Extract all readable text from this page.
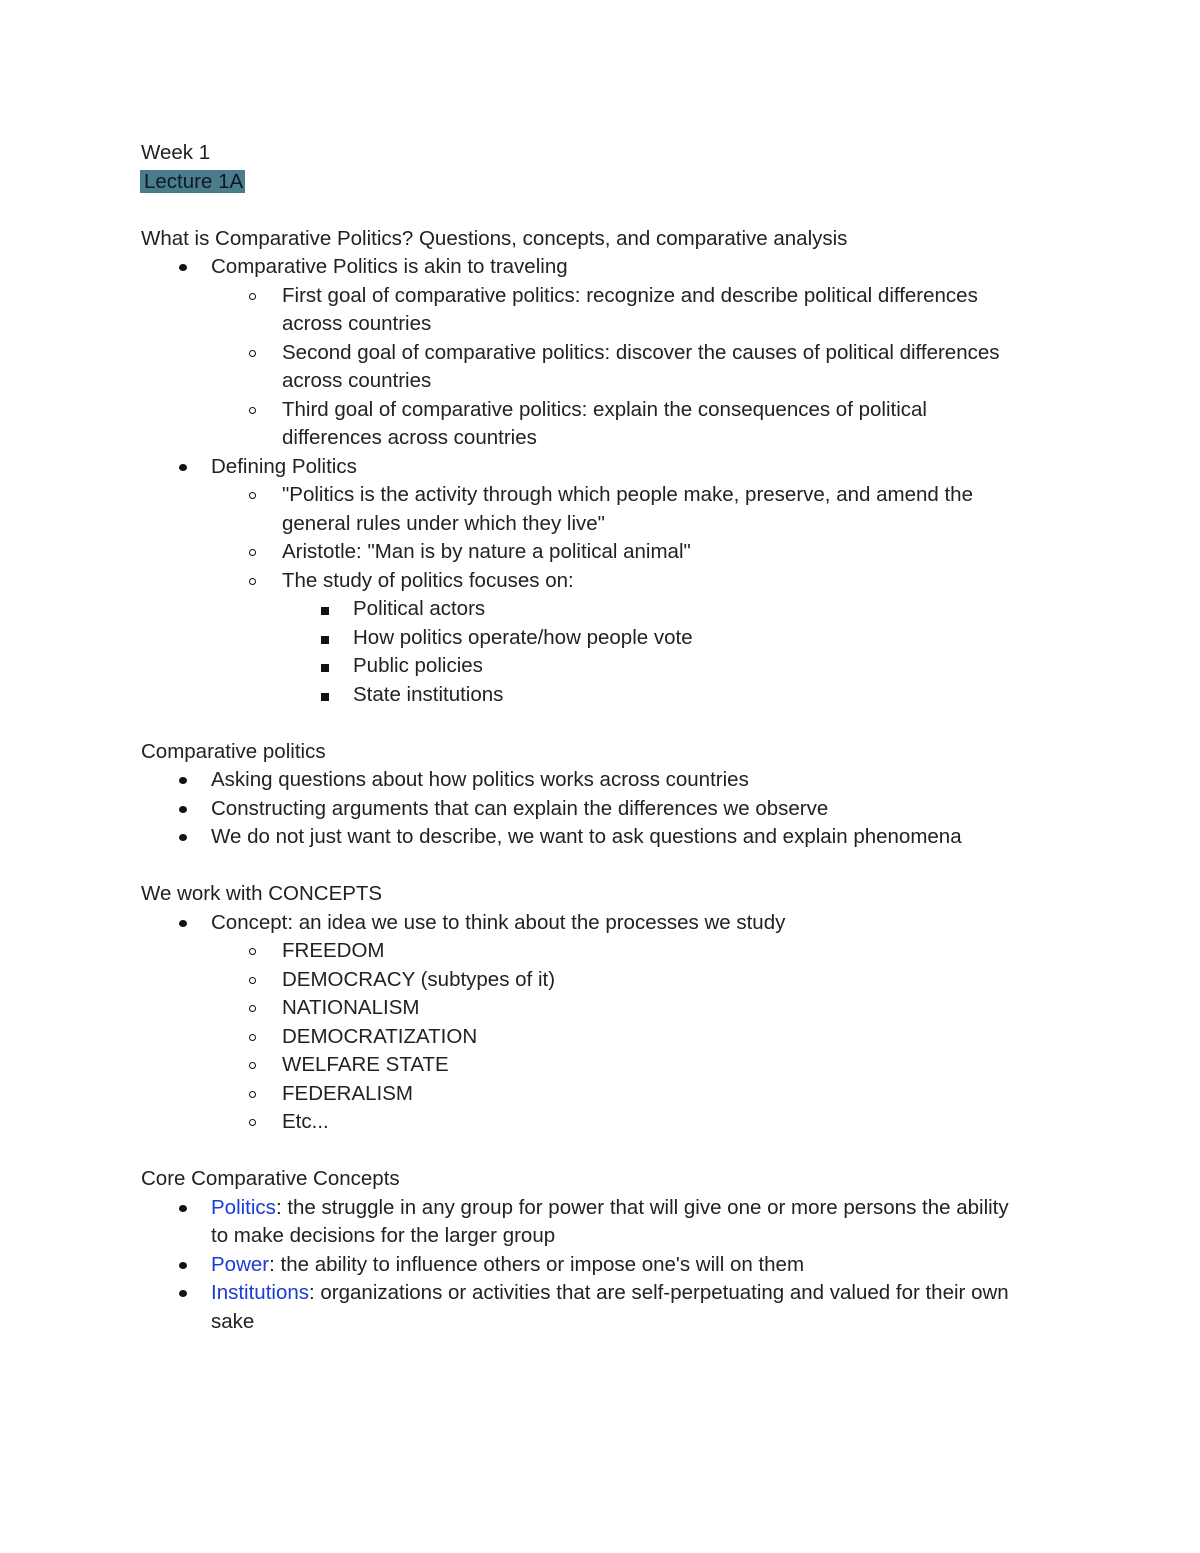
Week 1
Lecture 1A
What is Comparative Politics? Questions, concepts, and comparative analysis
Comparative Politics is akin to traveling
First goal of comparative politics: recognize and describe political differences
across countries
Second goal of comparative politics: discover the causes of political differences
across countries
Third goal of comparative politics: explain the consequences of political
differences across countries
Defining Politics
"Politics is the activity through which people make, preserve, and amend the
general rules under which they live"
Aristotle: "Man is by nature a political animal"
The study of politics focuses on:
Political actors
How politics operate/how people vote
Public policies
State institutions
Comparative politics
Asking questions about how politics works across countries
Constructing arguments that can explain the differences we observe
We do not just want to describe, we want to ask questions and explain phenomena
We work with CONCEPTS
Concept: an idea we use to think about the processes we study
FREEDOM
DEMOCRACY (subtypes of it)
NATIONALISM
DEMOCRATIZATION
WELFARE STATE
FEDERALISM
Etc...
Core Comparative Concepts
Politics: the struggle in any group for power that will give one or more persons the ability
to make decisions for the larger group
Power: the ability to influence others or impose one's will on them
Institutions: organizations or activities that are self-perpetuating and valued for their own
sake
